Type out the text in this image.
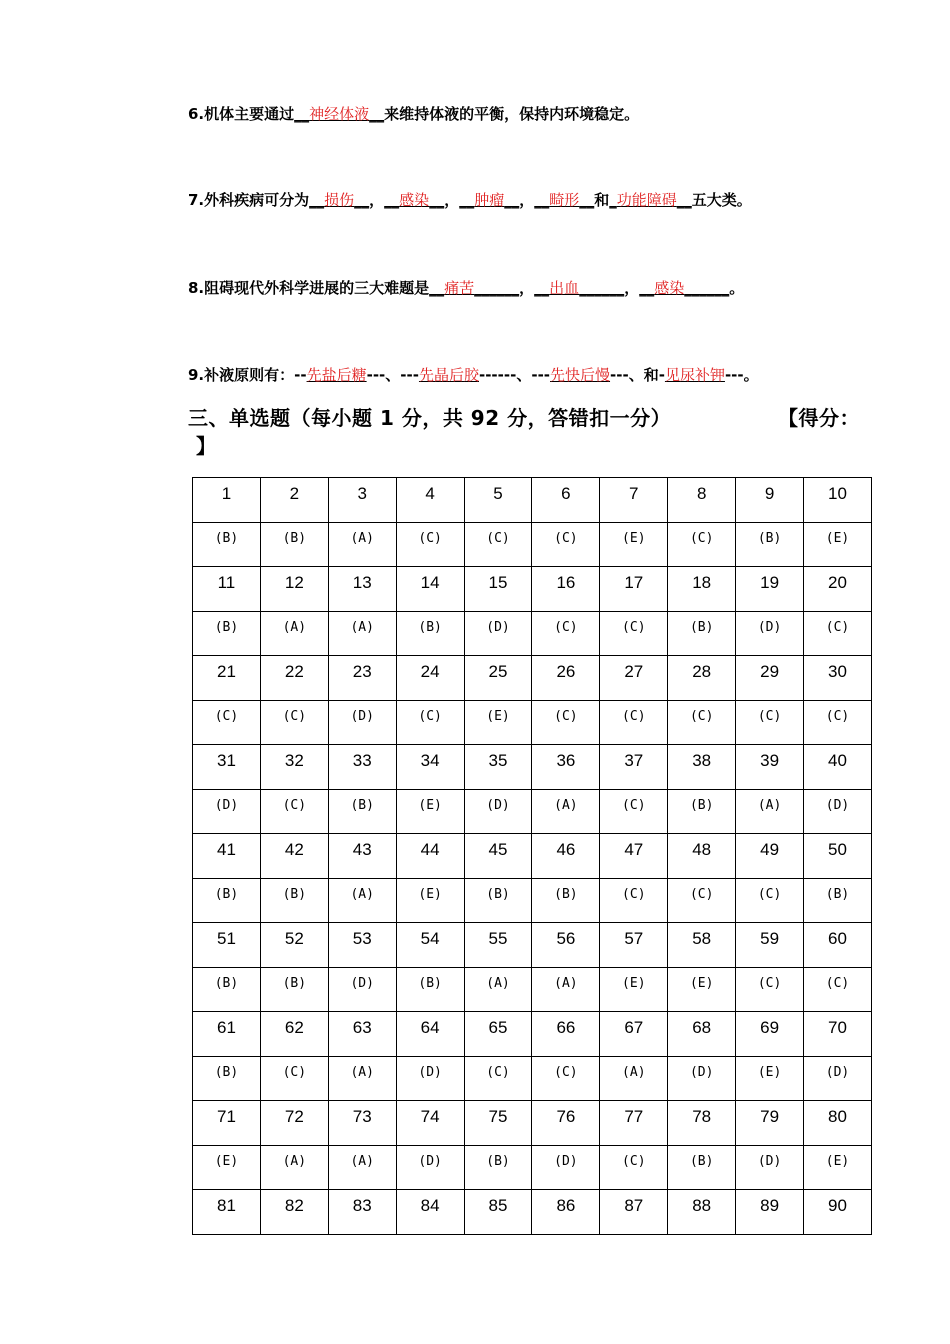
6.机体主要通过__神经体液__来维持体液的平衡，保持内环境稳定。
7.外科疾病可分为__损伤__，__感染__，__肿瘤__，__畸形__和_功能障碍__五大类。
8.阻碍现代外科学进展的三大难题是__痛苦______，__出血______，__感染______。
9.补液原则有：--先盐后糖---、---先晶后胶------、---先快后慢---、和-见尿补钾---。
三、单选题（每小题 1 分，共 92 分，答错扣一分）	【得分：
】
1	2	3	4	5	6	7	8	9	10
(B)	(B)	(A)	(C)	(C)	(C)	(E)	(C)	(B)	(E)
11	12	13	14	15	16	17	18	19	20
(B)	(A)	(A)	(B)	(D)	(C)	(C)	(B)	(D)	(C)
21	22	23	24	25	26	27	28	29	30
(C)	(C)	(D)	(C)	(E)	(C)	(C)	(C)	(C)	(C)
31	32	33	34	35	36	37	38	39	40
(D)	(C)	(B)	(E)	(D)	(A)	(C)	(B)	(A)	(D)
41	42	43	44	45	46	47	48	49	50
(B)	(B)	(A)	(E)	(B)	(B)	(C)	(C)	(C)	(B)
51	52	53	54	55	56	57	58	59	60
(B)	(B)	(D)	(B)	(A)	(A)	(E)	(E)	(C)	(C)
61	62	63	64	65	66	67	68	69	70
(B)	(C)	(A)	(D)	(C)	(C)	(A)	(D)	(E)	(D)
71	72	73	74	75	76	77	78	79	80
(E)	(A)	(A)	(D)	(B)	(D)	(C)	(B)	(D)	(E)
81	82	83	84	85	86	87	88	89	90
